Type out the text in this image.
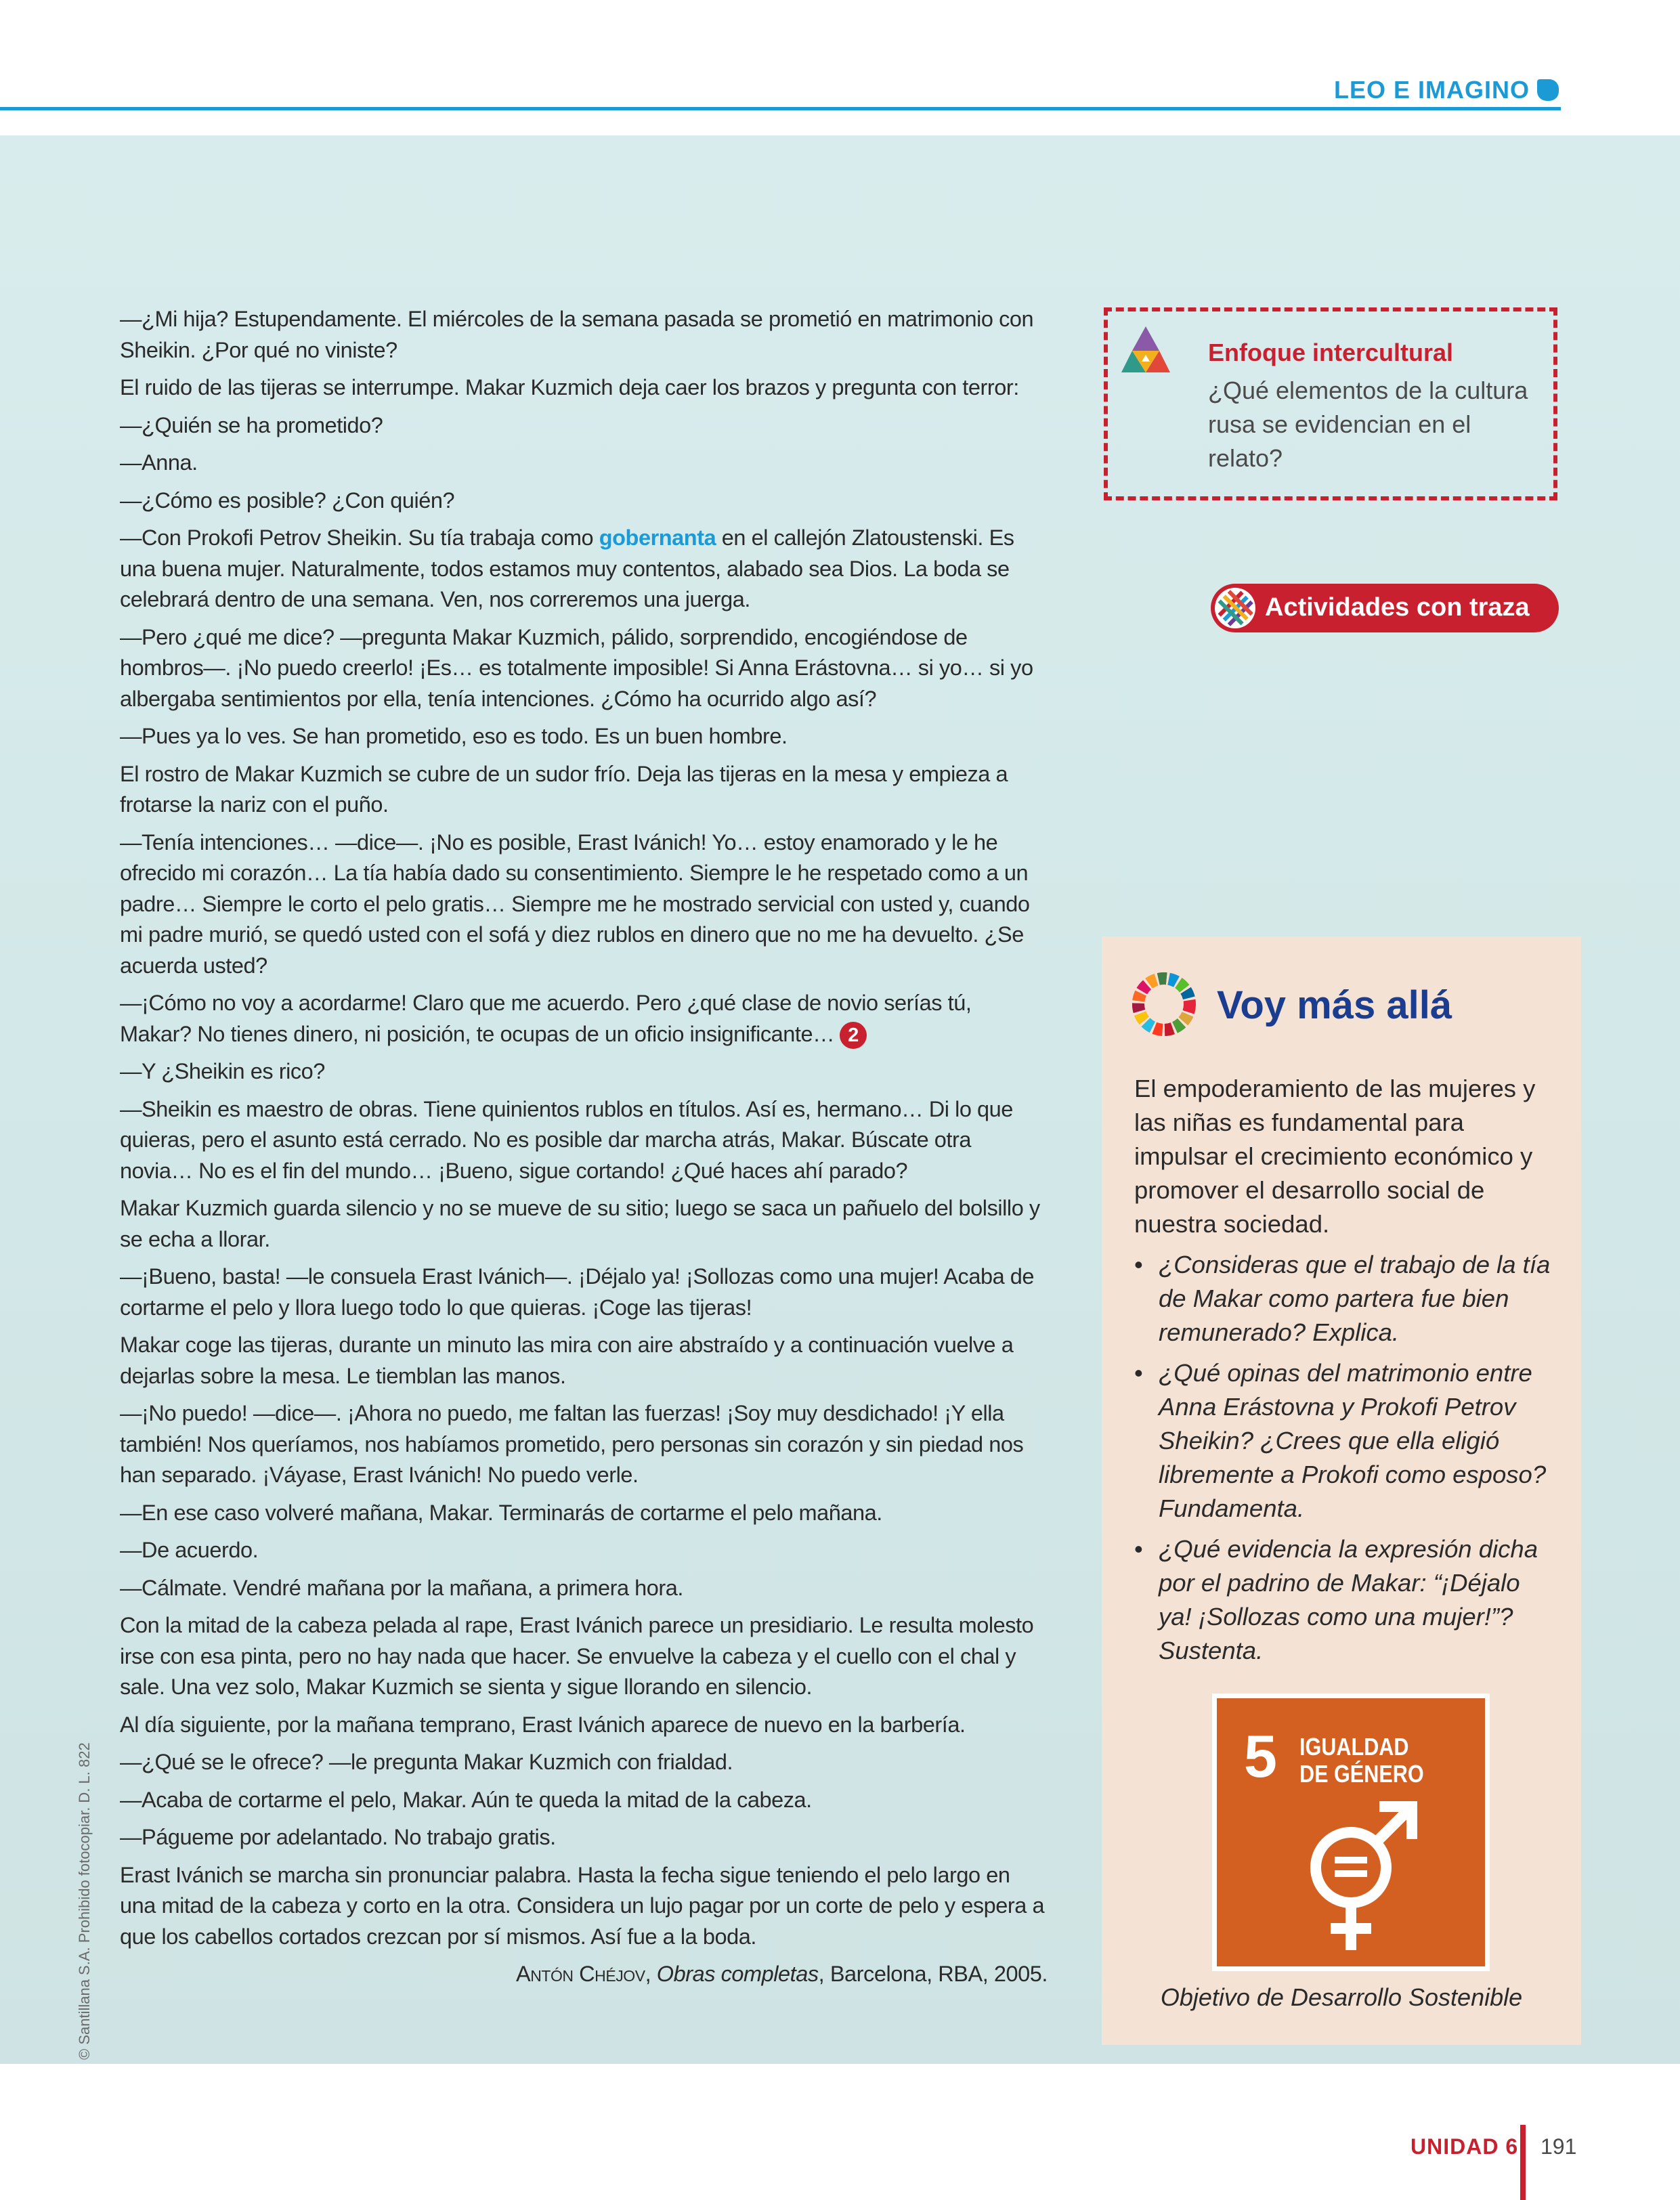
LEO E IMAGINO

—¿Mi hija? Estupendamente. El miércoles de la semana pasada se prometió en matrimonio con Sheikin. ¿Por qué no viniste?

El ruido de las tijeras se interrumpe. Makar Kuzmich deja caer los brazos y pregunta con terror:

—¿Quién se ha prometido?

—Anna.

—¿Cómo es posible? ¿Con quién?

—Con Prokofi Petrov Sheikin. Su tía trabaja como gobernanta en el callejón Zlatoustenski. Es una buena mujer. Naturalmente, todos estamos muy contentos, alabado sea Dios. La boda se celebrará dentro de una semana. Ven, nos correremos una juerga.

—Pero ¿qué me dice? —pregunta Makar Kuzmich, pálido, sorprendido, encogiéndose de hombros—. ¡No puedo creerlo! ¡Es… es totalmente imposible! Si Anna Erástovna… si yo… si yo albergaba sentimientos por ella, tenía intenciones. ¿Cómo ha ocurrido algo así?

—Pues ya lo ves. Se han prometido, eso es todo. Es un buen hombre.

El rostro de Makar Kuzmich se cubre de un sudor frío. Deja las tijeras en la mesa y empieza a frotarse la nariz con el puño.

—Tenía intenciones… —dice—. ¡No es posible, Erast Ivánich! Yo… estoy enamorado y le he ofrecido mi corazón… La tía había dado su consentimiento. Siempre le he respetado como a un padre… Siempre le corto el pelo gratis… Siempre me he mostrado servicial con usted y, cuando mi padre murió, se quedó usted con el sofá y diez rublos en dinero que no me ha devuelto. ¿Se acuerda usted?

—¡Cómo no voy a acordarme! Claro que me acuerdo. Pero ¿qué clase de novio serías tú, Makar? No tienes dinero, ni posición, te ocupas de un oficio insignificante… 2

—Y ¿Sheikin es rico?

—Sheikin es maestro de obras. Tiene quinientos rublos en títulos. Así es, hermano… Di lo que quieras, pero el asunto está cerrado. No es posible dar marcha atrás, Makar. Búscate otra novia… No es el fin del mundo… ¡Bueno, sigue cortando! ¿Qué haces ahí parado?

Makar Kuzmich guarda silencio y no se mueve de su sitio; luego se saca un pañuelo del bolsillo y se echa a llorar.

—¡Bueno, basta! —le consuela Erast Ivánich—. ¡Déjalo ya! ¡Sollozas como una mujer! Acaba de cortarme el pelo y llora luego todo lo que quieras. ¡Coge las tijeras!

Makar coge las tijeras, durante un minuto las mira con aire abstraído y a continuación vuelve a dejarlas sobre la mesa. Le tiemblan las manos.

—¡No puedo! —dice—. ¡Ahora no puedo, me faltan las fuerzas! ¡Soy muy desdichado! ¡Y ella también! Nos queríamos, nos habíamos prometido, pero personas sin corazón y sin piedad nos han separado. ¡Váyase, Erast Ivánich! No puedo verle.

—En ese caso volveré mañana, Makar. Terminarás de cortarme el pelo mañana.

—De acuerdo.

—Cálmate. Vendré mañana por la mañana, a primera hora.

Con la mitad de la cabeza pelada al rape, Erast Ivánich parece un presidiario. Le resulta molesto irse con esa pinta, pero no hay nada que hacer. Se envuelve la cabeza y el cuello con el chal y sale. Una vez solo, Makar Kuzmich se sienta y sigue llorando en silencio.

Al día siguiente, por la mañana temprano, Erast Ivánich aparece de nuevo en la barbería.

—¿Qué se le ofrece? —le pregunta Makar Kuzmich con frialdad.

—Acaba de cortarme el pelo, Makar. Aún te queda la mitad de la cabeza.

—Págueme por adelantado. No trabajo gratis.

Erast Ivánich se marcha sin pronunciar palabra. Hasta la fecha sigue teniendo el pelo largo en una mitad de la cabeza y corto en la otra. Considera un lujo pagar por un corte de pelo y espera a que los cabellos cortados crezcan por sí mismos. Así fue a la boda.

Antón Chéjov, Obras completas, Barcelona, RBA, 2005.
© Santillana S.A. Prohibido fotocopiar. D. L. 822
Enfoque intercultural
¿Qué elementos de la cultura rusa se evidencian en el relato?
Actividades con traza
Voy más allá
El empoderamiento de las mujeres y las niñas es fundamental para impulsar el crecimiento económico y promover el desarrollo social de nuestra sociedad.
• ¿Consideras que el trabajo de la tía de Makar como partera fue bien remunerado? Explica.
• ¿Qué opinas del matrimonio entre Anna Erástovna y Prokofi Petrov Sheikin? ¿Crees que ella eligió libremente a Prokofi como esposo? Fundamenta.
• ¿Qué evidencia la expresión dicha por el padrino de Makar: “¡Déjalo ya! ¡Sollozas como una mujer!”? Sustenta.
5 IGUALDAD
DE GÉNERO
Objetivo de Desarrollo Sostenible
UNIDAD 6 191
